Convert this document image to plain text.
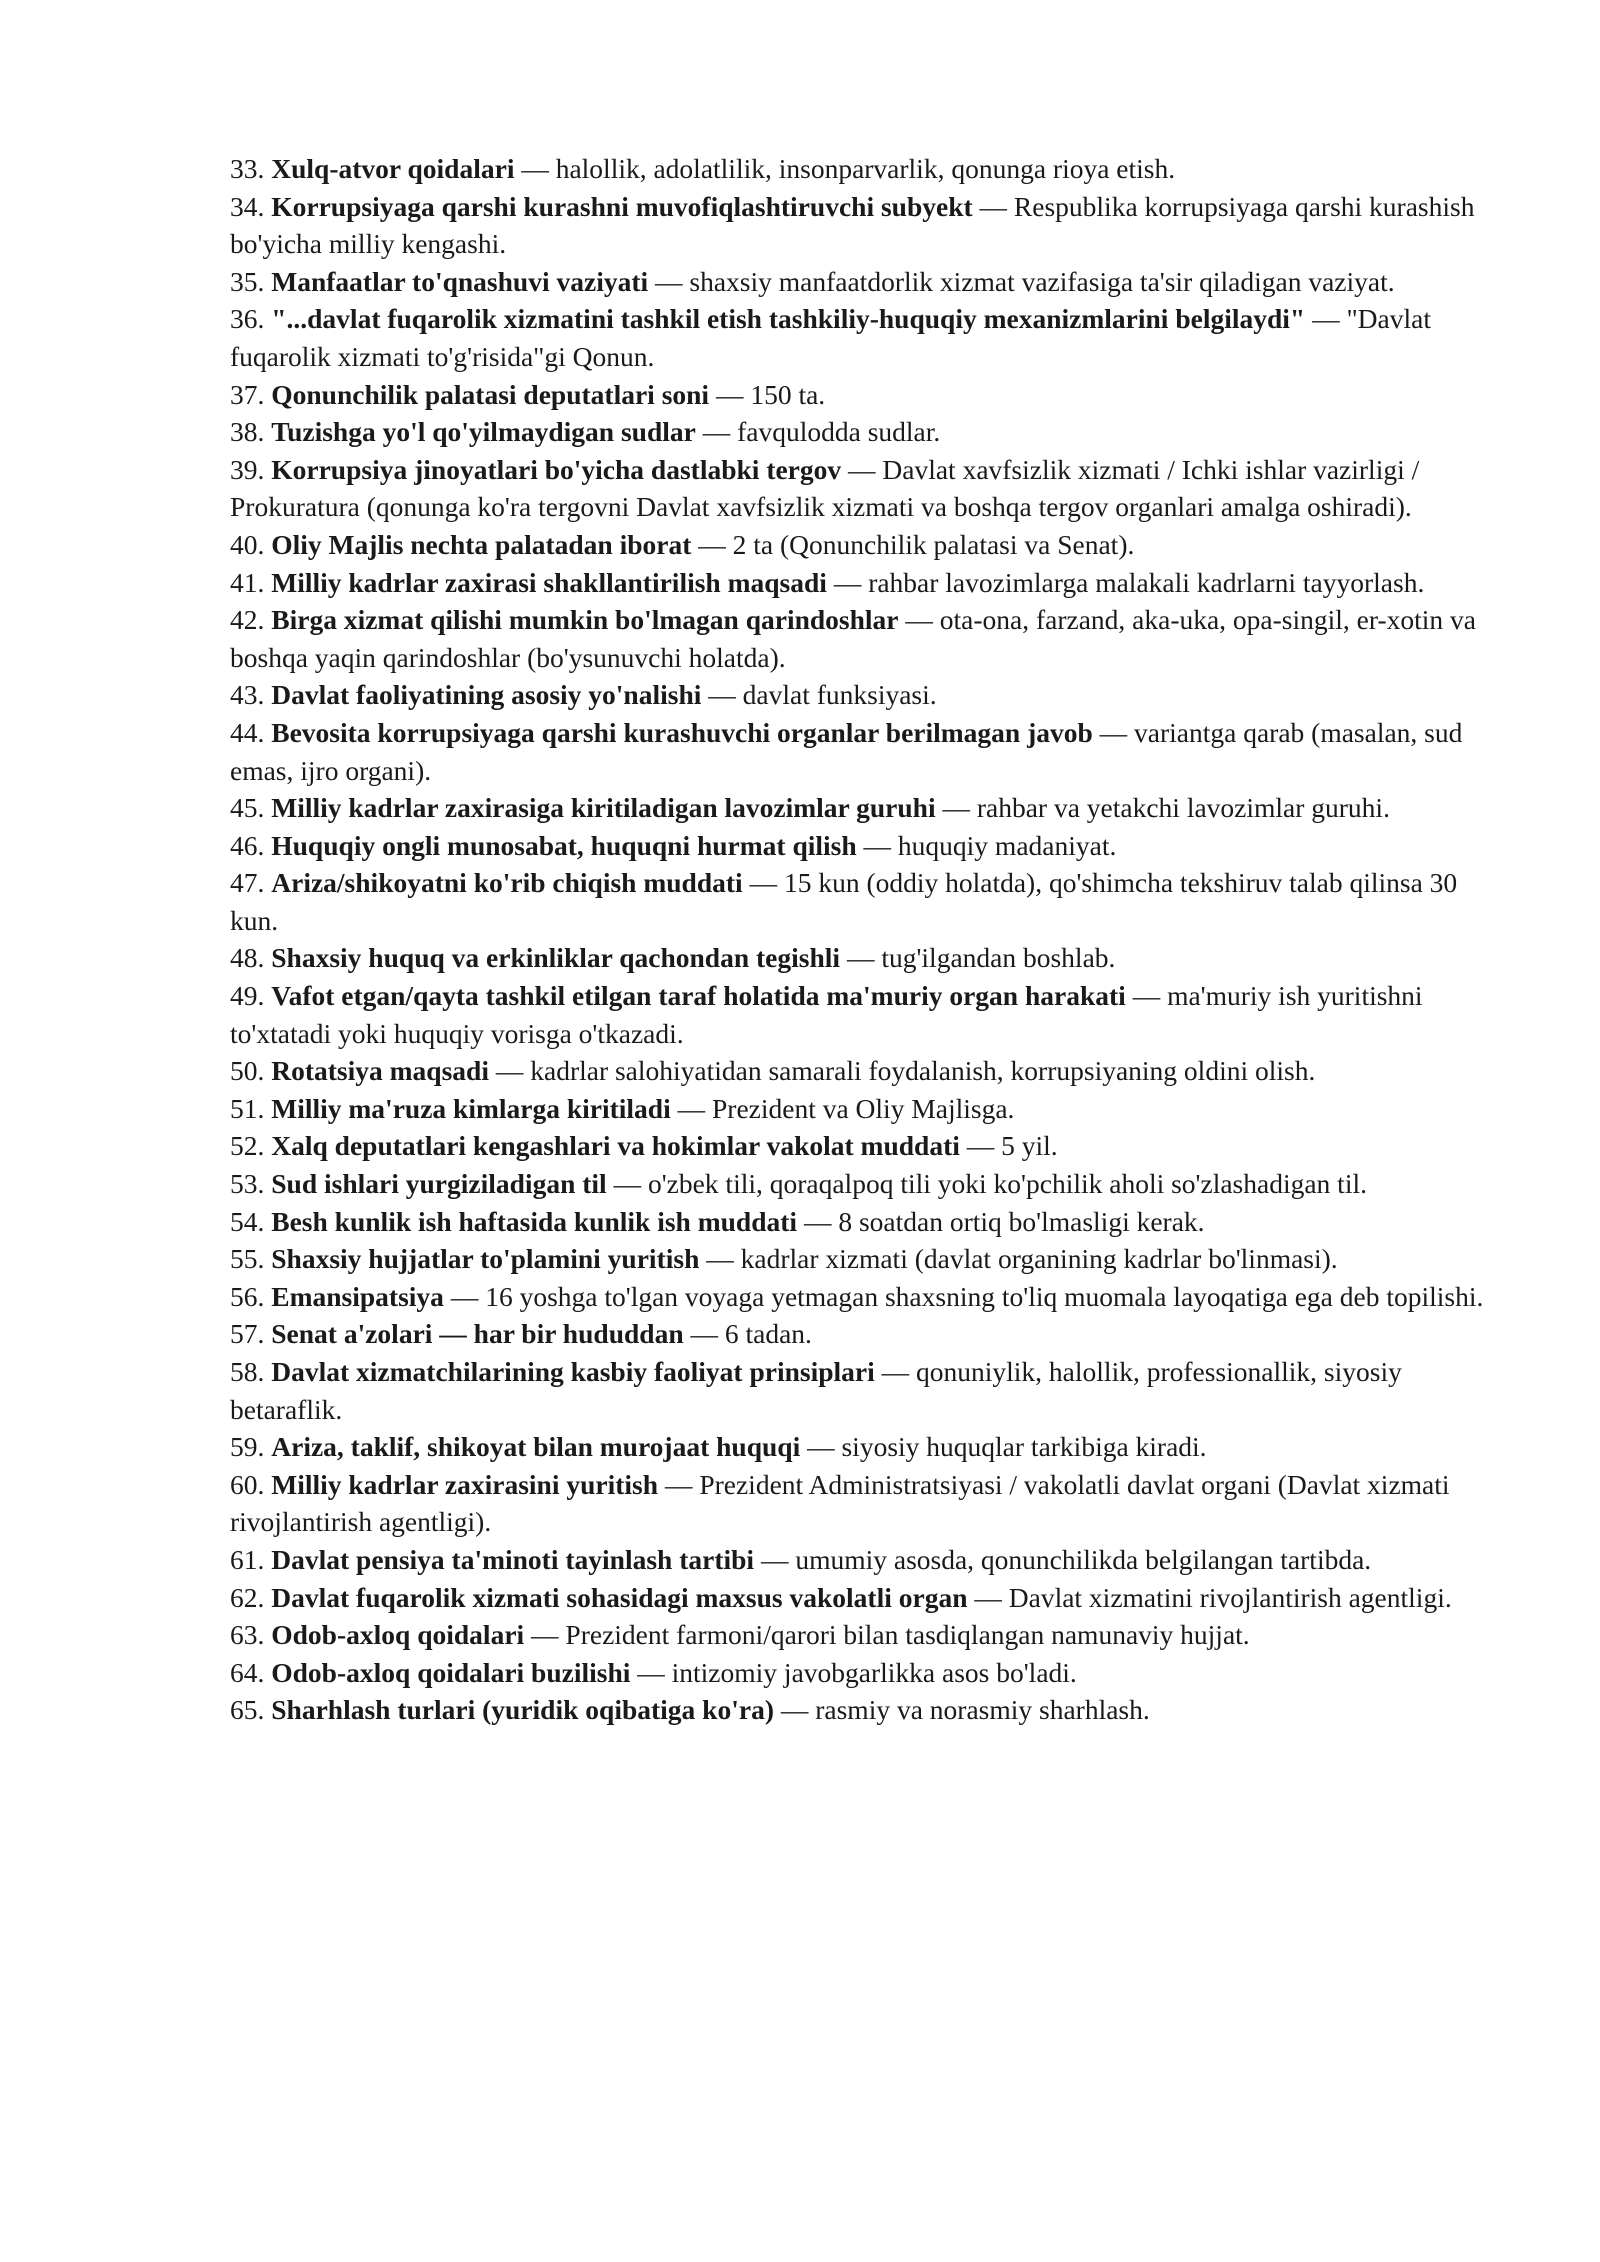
33. Xulq-atvor qoidalari — halollik, adolatlilik, insonparvarlik, qonunga rioya etish.

34. Korrupsiyaga qarshi kurashni muvofiqlashtiruvchi subyekt — Respublika korrupsiyaga qarshi kurashish bo'yicha milliy kengashi.

35. Manfaatlar to'qnashuvi vaziyati — shaxsiy manfaatdorlik xizmat vazifasiga ta'sir qiladigan vaziyat.

36. "...davlat fuqarolik xizmatini tashkil etish tashkiliy-huquqiy mexanizmlarini belgilaydi" — "Davlat fuqarolik xizmati to'g'risida"gi Qonun.

37. Qonunchilik palatasi deputatlari soni — 150 ta.

38. Tuzishga yo'l qo'yilmaydigan sudlar — favqulodda sudlar.

39. Korrupsiya jinoyatlari bo'yicha dastlabki tergov — Davlat xavfsizlik xizmati / Ichki ishlar vazirligi / Prokuratura (qonunga ko'ra tergovni Davlat xavfsizlik xizmati va boshqa tergov organlari amalga oshiradi).

40. Oliy Majlis nechta palatadan iborat — 2 ta (Qonunchilik palatasi va Senat).

41. Milliy kadrlar zaxirasi shakllantirilish maqsadi — rahbar lavozimlarga malakali kadrlarni tayyorlash.

42. Birga xizmat qilishi mumkin bo'lmagan qarindoshlar — ota-ona, farzand, aka-uka, opa-singil, er-xotin va boshqa yaqin qarindoshlar (bo'ysunuvchi holatda).

43. Davlat faoliyatining asosiy yo'nalishi — davlat funksiyasi.

44. Bevosita korrupsiyaga qarshi kurashuvchi organlar berilmagan javob — variantga qarab (masalan, sud emas, ijro organi).

45. Milliy kadrlar zaxirasiga kiritiladigan lavozimlar guruhi — rahbar va yetakchi lavozimlar guruhi.

46. Huquqiy ongli munosabat, huquqni hurmat qilish — huquqiy madaniyat.

47. Ariza/shikoyatni ko'rib chiqish muddati — 15 kun (oddiy holatda), qo'shimcha tekshiruv talab qilinsa 30 kun.

48. Shaxsiy huquq va erkinliklar qachondan tegishli — tug'ilgandan boshlab.

49. Vafot etgan/qayta tashkil etilgan taraf holatida ma'muriy organ harakati — ma'muriy ish yuritishni to'xtatadi yoki huquqiy vorisga o'tkazadi.

50. Rotatsiya maqsadi — kadrlar salohiyatidan samarali foydalanish, korrupsiyaning oldini olish.

51. Milliy ma'ruza kimlarga kiritiladi — Prezident va Oliy Majlisga.

52. Xalq deputatlari kengashlari va hokimlar vakolat muddati — 5 yil.

53. Sud ishlari yurgiziladigan til — o'zbek tili, qoraqalpoq tili yoki ko'pchilik aholi so'zlashadigan til.

54. Besh kunlik ish haftasida kunlik ish muddati — 8 soatdan ortiq bo'lmasligi kerak.

55. Shaxsiy hujjatlar to'plamini yuritish — kadrlar xizmati (davlat organining kadrlar bo'linmasi).

56. Emansipatsiya — 16 yoshga to'lgan voyaga yetmagan shaxsning to'liq muomala layoqatiga ega deb topilishi.

57. Senat a'zolari — har bir hududdan — 6 tadan.

58. Davlat xizmatchilarining kasbiy faoliyat prinsiplari — qonuniylik, halollik, professionallik, siyosiy betaraflik.

59. Ariza, taklif, shikoyat bilan murojaat huquqi — siyosiy huquqlar tarkibiga kiradi.

60. Milliy kadrlar zaxirasini yuritish — Prezident Administratsiyasi / vakolatli davlat organi (Davlat xizmati rivojlantirish agentligi).

61. Davlat pensiya ta'minoti tayinlash tartibi — umumiy asosda, qonunchilikda belgilangan tartibda.

62. Davlat fuqarolik xizmati sohasidagi maxsus vakolatli organ — Davlat xizmatini rivojlantirish agentligi.

63. Odob-axloq qoidalari — Prezident farmoni/qarori bilan tasdiqlangan namunaviy hujjat.

64. Odob-axloq qoidalari buzilishi — intizomiy javobgarlikka asos bo'ladi.

65. Sharhlash turlari (yuridik oqibatiga ko'ra) — rasmiy va norasmiy sharhlash.
